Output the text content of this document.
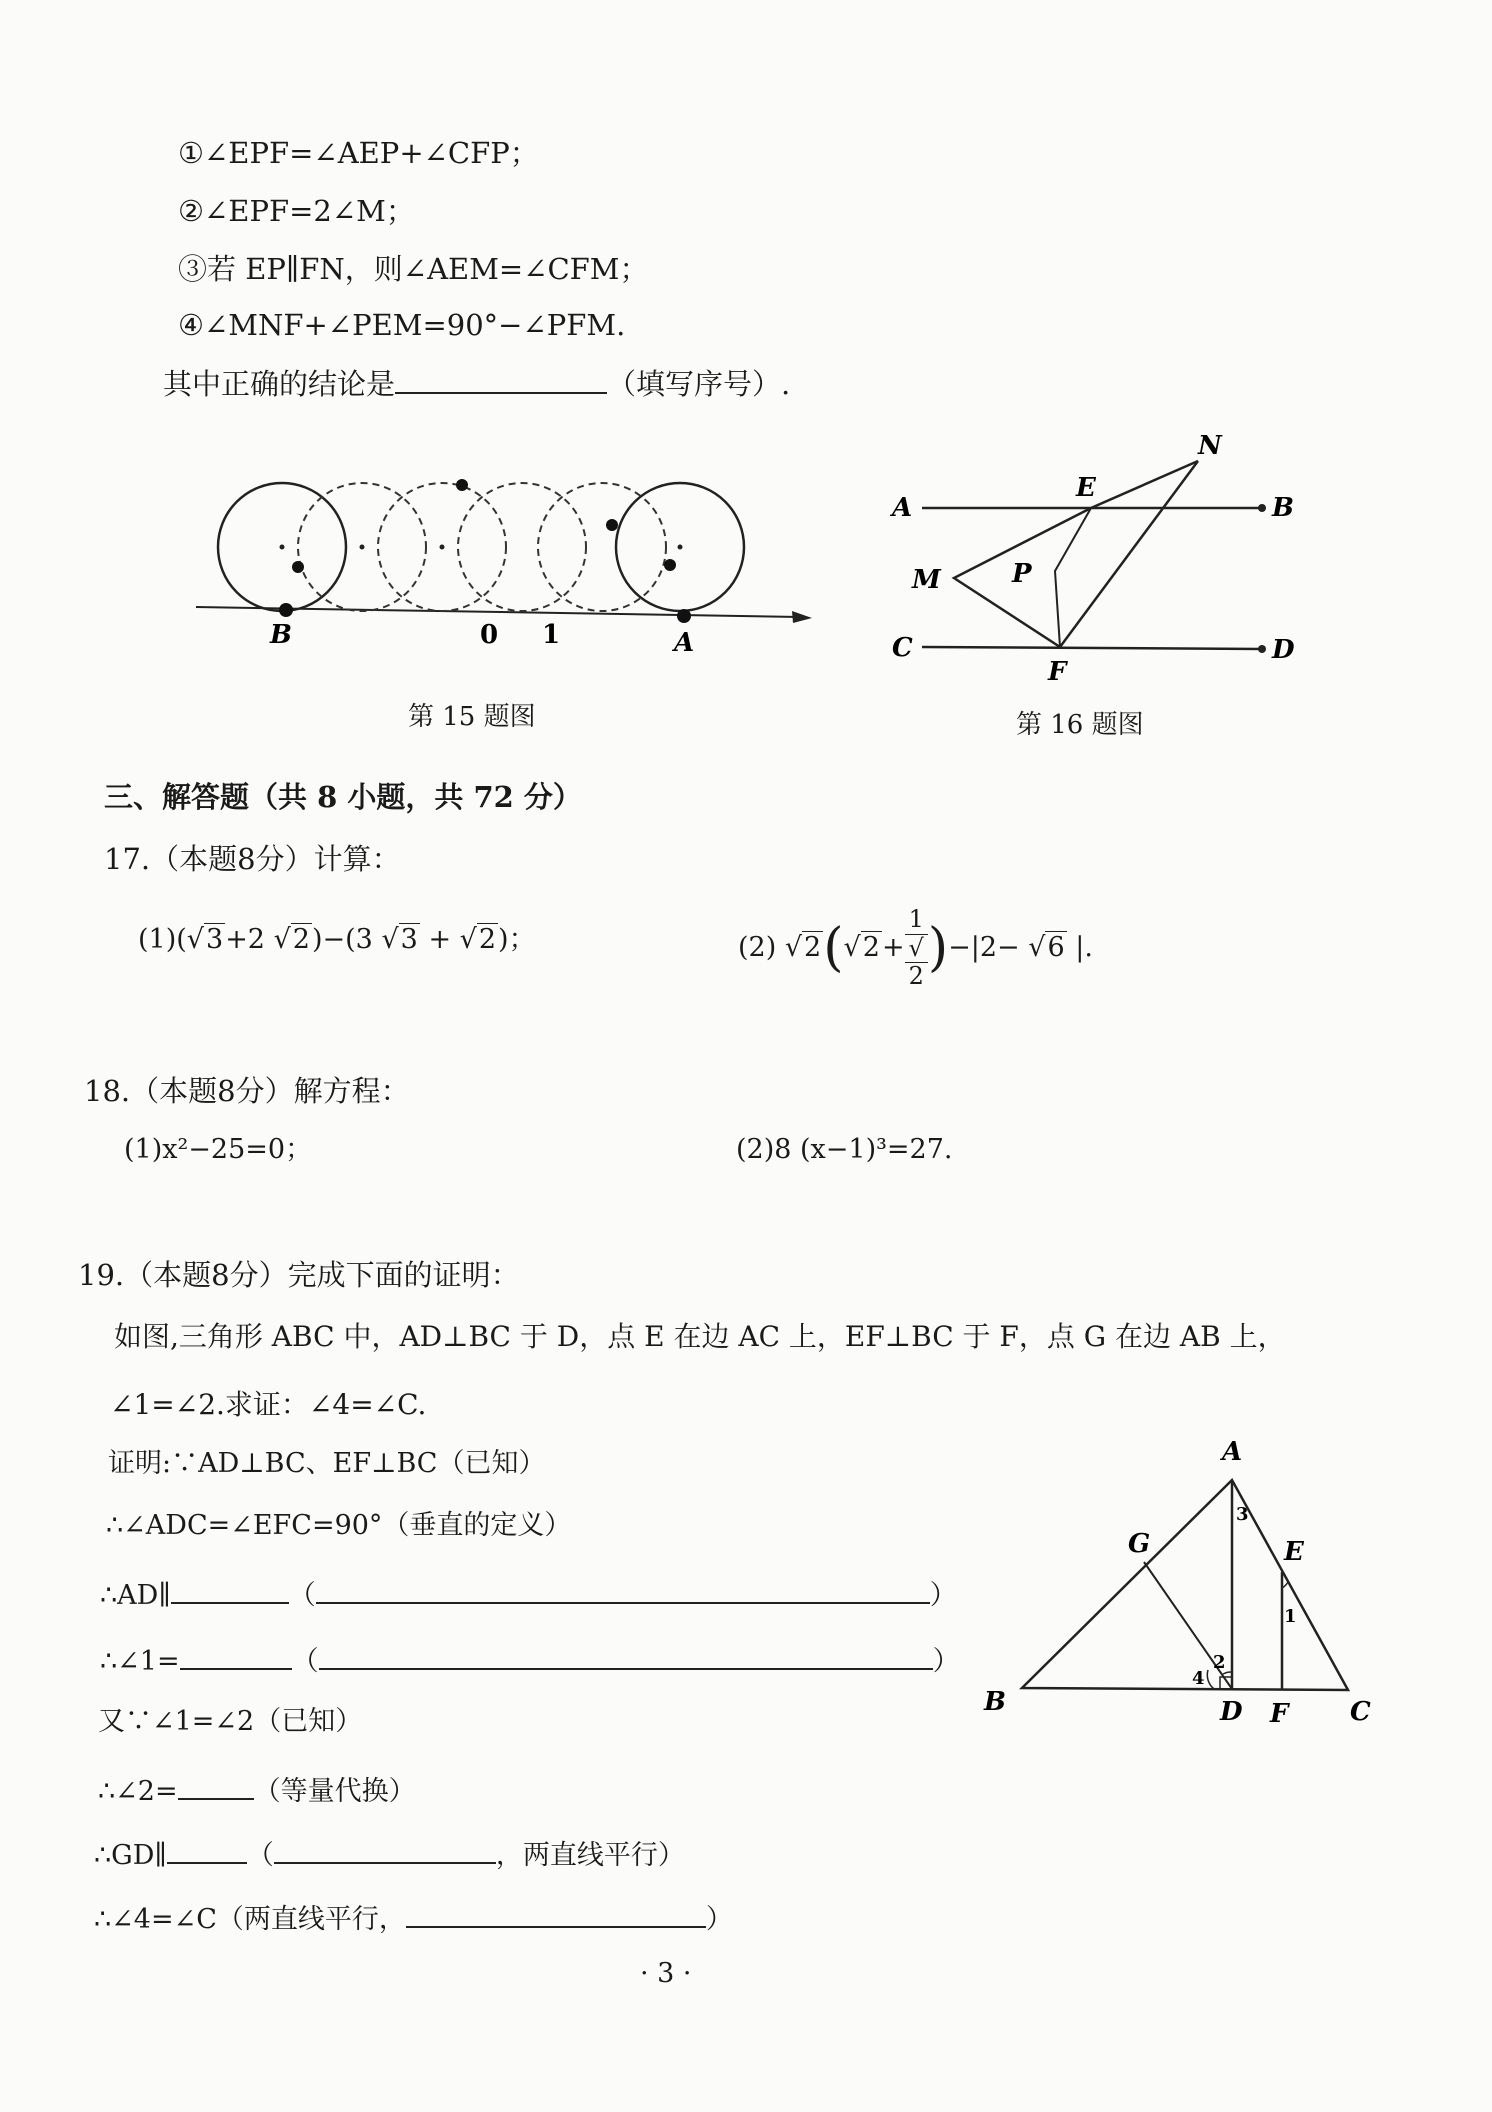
①∠EPF=∠AEP+∠CFP；
②∠EPF=2∠M；
③若 EP∥FN，则∠AEM=∠CFM；
④∠MNF+∠PEM=90°−∠PFM.
其中正确的结论是	（填写序号）.
B	0 1	A
第 15 题图
A	B
C	D
E
F
M
N
P
第 16 题图
三、解答题（共 8 小题，共 72 分）
17.（本题8分）计算：
(1)(√3+2 √2)−(3 √3 + √2)；	(2) √2(√2+ 1
√
2 )−|2− √6 |.
18.（本题8分）解方程：
(1)x²−25=0；	(2)8 (x−1)³=27.
19.（本题8分）完成下面的证明：
如图,三角形 ABC 中，AD⊥BC 于 D，点 E 在边 AC 上，EF⊥BC 于 F，点 G 在边 AB 上，
∠1=∠2.求证：∠4=∠C.
证明:∵AD⊥BC、EF⊥BC（已知）
∴∠ADC=∠EFC=90°（垂直的定义）
∴AD∥	（	）
∴∠1=	（	）
又∵∠1=∠2（已知）
∴∠2=	（等量代换）
∴GD∥	（	，两直线平行）
∴∠4=∠C（两直线平行，	）
A
B	C
D
E
F
G
1
2
3
4
· 3 ·
